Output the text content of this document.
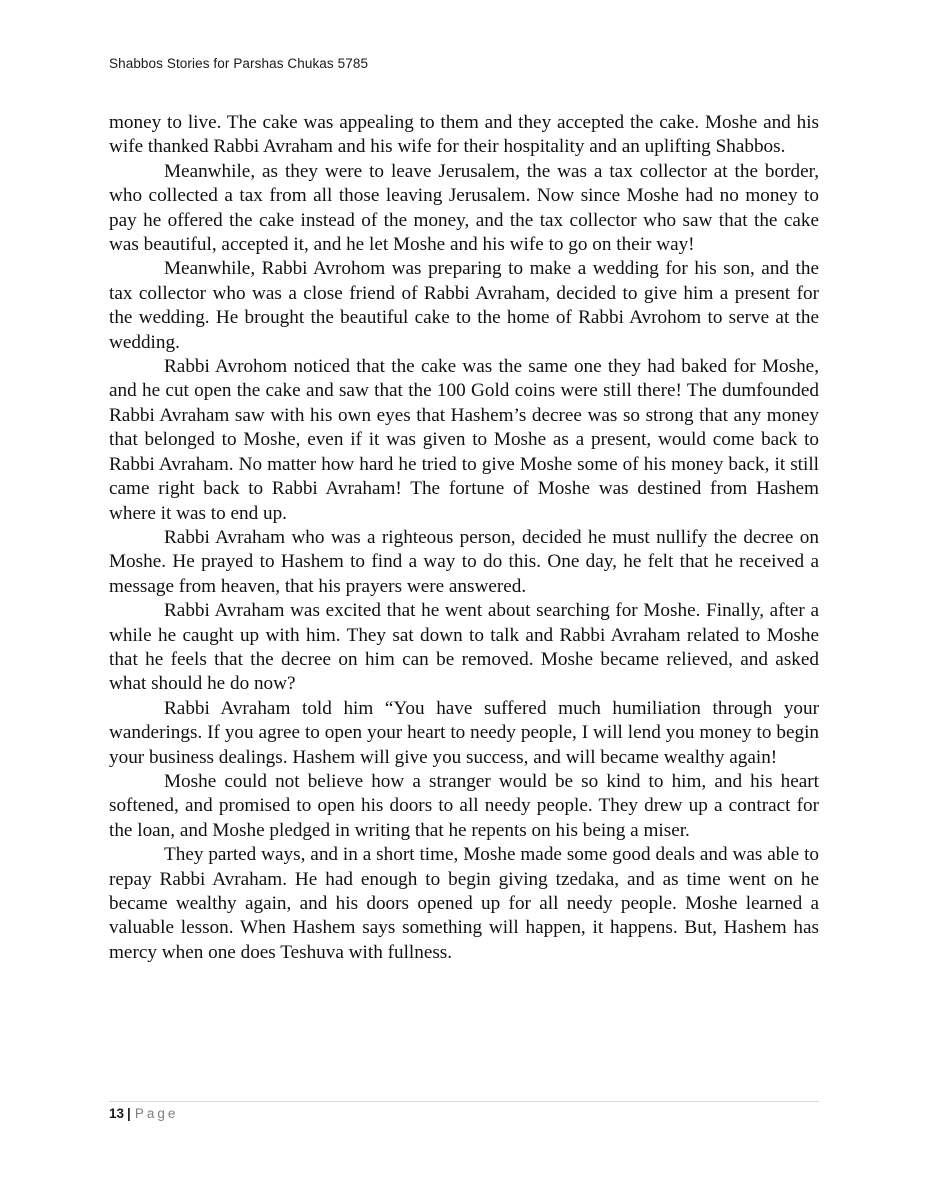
Shabbos Stories for Parshas Chukas 5785

money to live. The cake was appealing to them and they accepted the cake. Moshe and his wife thanked Rabbi Avraham and his wife for their hospitality and an uplifting Shabbos.

Meanwhile, as they were to leave Jerusalem, the was a tax collector at the border, who collected a tax from all those leaving Jerusalem. Now since Moshe had no money to pay he offered the cake instead of the money, and the tax collector who saw that the cake was beautiful, accepted it, and he let Moshe and his wife to go on their way!

Meanwhile, Rabbi Avrohom was preparing to make a wedding for his son, and the tax collector who was a close friend of Rabbi Avraham, decided to give him a present for the wedding. He brought the beautiful cake to the home of Rabbi Avrohom to serve at the wedding.

Rabbi Avrohom noticed that the cake was the same one they had baked for Moshe, and he cut open the cake and saw that the 100 Gold coins were still there! The dumfounded Rabbi Avraham saw with his own eyes that Hashem’s decree was so strong that any money that belonged to Moshe, even if it was given to Moshe as a present, would come back to Rabbi Avraham. No matter how hard he tried to give Moshe some of his money back, it still came right back to Rabbi Avraham! The fortune of Moshe was destined from Hashem where it was to end up.

Rabbi Avraham who was a righteous person, decided he must nullify the decree on Moshe. He prayed to Hashem to find a way to do this. One day, he felt that he received a message from heaven, that his prayers were answered.

Rabbi Avraham was excited that he went about searching for Moshe. Finally, after a while he caught up with him. They sat down to talk and Rabbi Avraham related to Moshe that he feels that the decree on him can be removed. Moshe became relieved, and asked what should he do now?

Rabbi Avraham told him “You have suffered much humiliation through your wanderings. If you agree to open your heart to needy people, I will lend you money to begin your business dealings. Hashem will give you success, and will became wealthy again!

Moshe could not believe how a stranger would be so kind to him, and his heart softened, and promised to open his doors to all needy people. They drew up a contract for the loan, and Moshe pledged in writing that he repents on his being a miser.

They parted ways, and in a short time, Moshe made some good deals and was able to repay Rabbi Avraham. He had enough to begin giving tzedaka, and as time went on he became wealthy again, and his doors opened up for all needy people. Moshe learned a valuable lesson. When Hashem says something will happen, it happens. But, Hashem has mercy when one does Teshuva with fullness.

13 | Page
